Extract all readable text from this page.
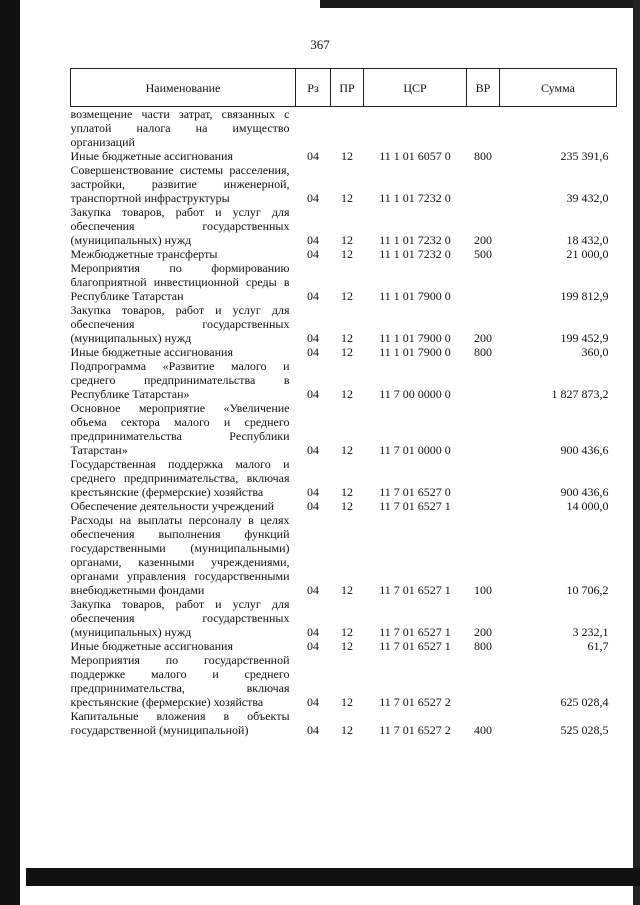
367
Наименование	Рз	ПР	ЦСР	ВР	Сумма
возмещение части затрат, связанных с уплатой налога на имущество организаций					
Иные бюджетные ассигнования	04	12	11 1 01 6057 0	800	235 391,6
Совершенствование системы расселения, застройки, развитие инженерной, транспортной инфраструктуры	04	12	11 1 01 7232 0		39 432,0
Закупка товаров, работ и услуг для обеспечения государственных (муниципальных) нужд	04	12	11 1 01 7232 0	200	18 432,0
Межбюджетные трансферты	04	12	11 1 01 7232 0	500	21 000,0
Мероприятия по формированию благоприятной инвестиционной среды в Республике Татарстан	04	12	11 1 01 7900 0		199 812,9
Закупка товаров, работ и услуг для обеспечения государственных (муниципальных) нужд	04	12	11 1 01 7900 0	200	199 452,9
Иные бюджетные ассигнования	04	12	11 1 01 7900 0	800	360,0
Подпрограмма «Развитие малого и среднего предпринимательства в Республике Татарстан»	04	12	11 7 00 0000 0		1 827 873,2
Основное мероприятие «Увеличение объема сектора малого и среднего предпринимательства Республики Татарстан»	04	12	11 7 01 0000 0		900 436,6
Государственная поддержка малого и среднего предпринимательства, включая крестьянские (фермерские) хозяйства	04	12	11 7 01 6527 0		900 436,6
Обеспечение деятельности учреждений	04	12	11 7 01 6527 1		14 000,0
Расходы на выплаты персоналу в целях обеспечения выполнения функций государственными (муниципальными) органами, казенными учреждениями, органами управления государственными внебюджетными фондами	04	12	11 7 01 6527 1	100	10 706,2
Закупка товаров, работ и услуг для обеспечения государственных (муниципальных) нужд	04	12	11 7 01 6527 1	200	3 232,1
Иные бюджетные ассигнования	04	12	11 7 01 6527 1	800	61,7
Мероприятия по государственной поддержке малого и среднего предпринимательства, включая крестьянские (фермерские) хозяйства	04	12	11 7 01 6527 2		625 028,4
Капитальные вложения в объекты государственной (муниципальной)	04	12	11 7 01 6527 2	400	525 028,5
